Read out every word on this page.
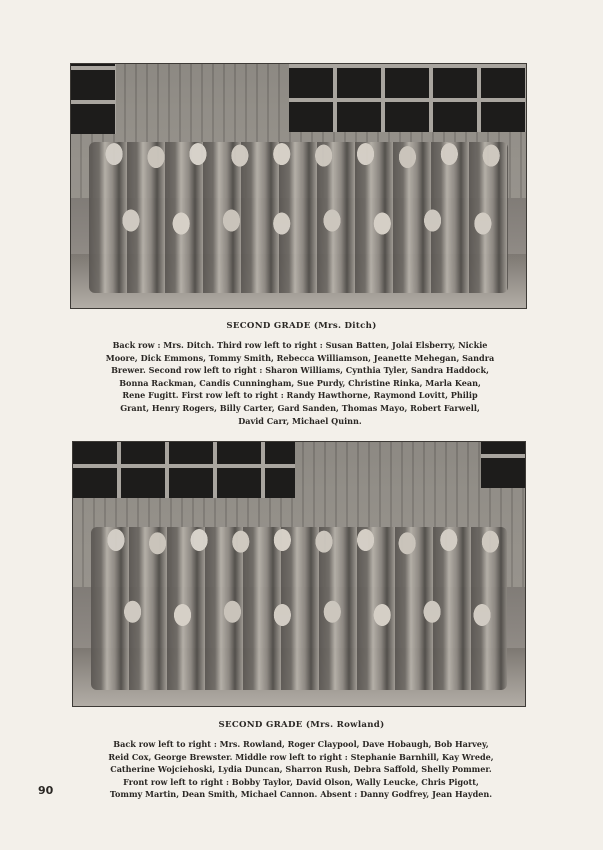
SECOND GRADE (Mrs. Ditch)
Back row : Mrs. Ditch. Third row left to right : Susan Batten, Jolai Elsberry, Nickie
Moore, Dick Emmons, Tommy Smith, Rebecca Williamson, Jeanette Mehegan, Sandra
Brewer. Second row left to right : Sharon Williams, Cynthia Tyler, Sandra Haddock,
Bonna Rackman, Candis Cunningham, Sue Purdy, Christine Rinka, Marla Kean,
Rene Fugitt. First row left to right : Randy Hawthorne, Raymond Lovitt, Philip
Grant, Henry Rogers, Billy Carter, Gard Sanden, Thomas Mayo, Robert Farwell,
David Carr, Michael Quinn.
SECOND GRADE (Mrs. Rowland)
Back row left to right : Mrs. Rowland, Roger Claypool, Dave Hobaugh, Bob Harvey,
Reid Cox, George Brewster. Middle row left to right : Stephanie Barnhill, Kay Wrede,
Catherine Wojciehoski, Lydia Duncan, Sharron Rush, Debra Saffold, Shelly Pommer.
Front row left to right : Bobby Taylor, David Olson, Wally Leucke, Chris Pigott,
Tommy Martin, Dean Smith, Michael Cannon. Absent : Danny Godfrey, Jean Hayden.
90
